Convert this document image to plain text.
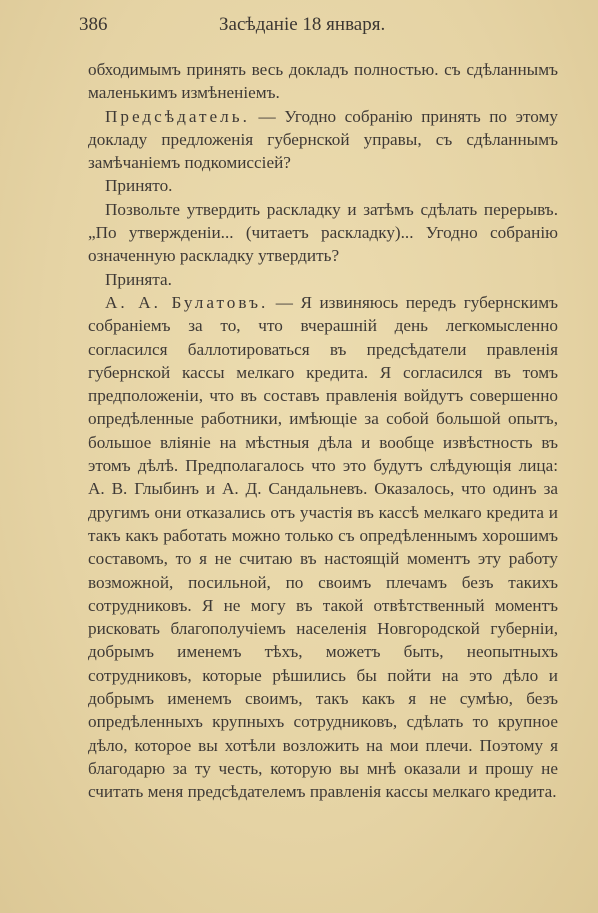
386	Засѣданіе 18 января.

обходимымъ принять весь докладъ полностью. съ сдѣланнымъ маленькимъ измѣненіемъ.

Предсѣдатель. — Угодно собранію принять по этому докладу предложенія губернской управы, съ сдѣланнымъ замѣчаніемъ подкомиссіей?

Принято.

Позвольте утвердить раскладку и затѣмъ сдѣлать перерывъ. „По утвержденіи... (читаетъ раскладку)... Угодно собранію означенную раскладку утвердить?

Принята.

А. А. Булатовъ. — Я извиняюсь передъ губернскимъ собраніемъ за то, что вчерашній день легкомысленно согласился баллотироваться въ предсѣдатели правленія губернской кассы мелкаго кредита. Я согласился въ томъ предположеніи, что въ составъ правленія войдутъ совершенно опредѣленные работники, имѣющіе за собой большой опытъ, большое вліяніе на мѣстныя дѣла и вообще извѣстность въ этомъ дѣлѣ. Предполагалось что это будутъ слѣдующія лица: А. В. Глыбинъ и А. Д. Сандальневъ. Оказалось, что одинъ за другимъ они отказались отъ участія въ кассѣ мелкаго кредита и такъ какъ работать можно только съ опредѣленнымъ хорошимъ составомъ, то я не считаю въ настоящій моментъ эту работу возможной, посильной, по своимъ плечамъ безъ такихъ сотрудниковъ. Я не могу въ такой отвѣтственный моментъ рисковать благополучіемъ населенія Новгородской губерніи, добрымъ именемъ тѣхъ, можетъ быть, неопытныхъ сотрудниковъ, которые рѣшились бы пойти на это дѣло и добрымъ именемъ своимъ, такъ какъ я не сумѣю, безъ опредѣленныхъ крупныхъ сотрудниковъ, сдѣлать то крупное дѣло, которое вы хотѣли возложить на мои плечи. Поэтому я благодарю за ту честь, которую вы мнѣ оказали и прошу не считать меня предсѣдателемъ правленія кассы мелкаго кредита.
